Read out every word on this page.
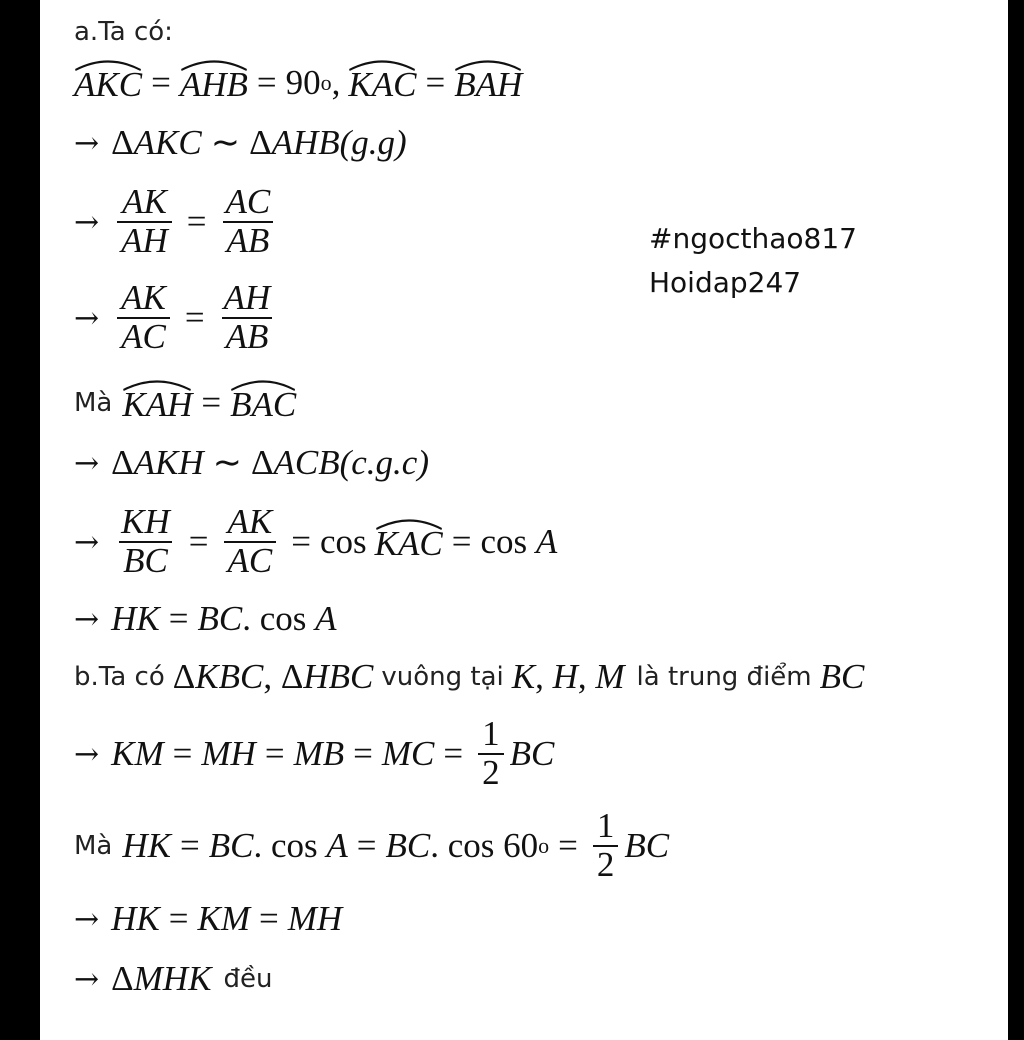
a.Ta có:
AKC = AHB = 90 o , KAC = BAH
→ ΔAKC ∼ ΔAHB (g.g)
→ $\frac{AK}{AH} = \frac{AC}{AB}$
→ $\frac{AK}{AC} = \frac{AH}{AB}$
#ngocthao817
Hoidap247
Mà KAH = BAC
→ ΔAKH ∼ ΔACB (c.g.c)
→ $\frac{KH}{BC} = \frac{AK}{AC} = \cos$ KAC = cos A
→ HK = BC . cos A
b.Ta có ΔKBC, ΔHBC vuông tại K , H , M là trung điểm BC
→ KM = MH = MB = MC = $\frac{1}{2}$ BC
Mà HK = BC . cos A = BC . cos 60 $o = \frac{1}{2}$ BC
→ HK = KM = MH
→ ΔMHK đều
